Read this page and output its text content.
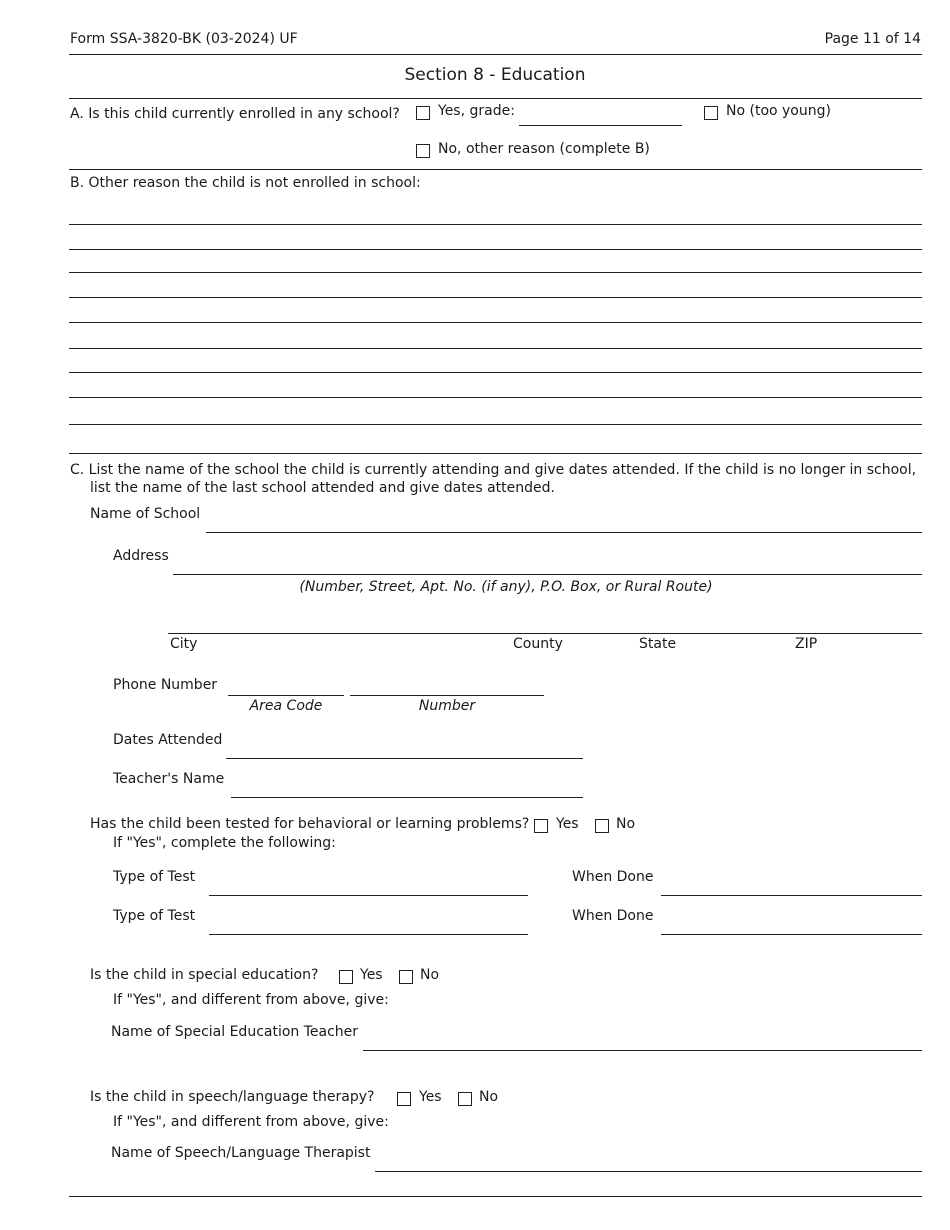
Form SSA-3820-BK (03-2024) UF	Page 11 of 14
Section 8 - Education
A. Is this child currently enrolled in any school?	Yes, grade:	No (too young)
No, other reason (complete B)
B. Other reason the child is not enrolled in school:
C. List the name of the school the child is currently attending and give dates attended. If the child is no longer in school,
list the name of the last school attended and give dates attended.
Name of School
Address
(Number, Street, Apt. No. (if any), P.O. Box, or Rural Route)
City	County	State	ZIP
Phone Number
Area Code	Number
Dates Attended
Teacher's Name
Has the child been tested for behavioral or learning problems? Yes	No
If "Yes", complete the following:
Type of Test	When Done
Type of Test	When Done
Is the child in special education?	Yes	No
If "Yes", and different from above, give:
Name of Special Education Teacher
Is the child in speech/language therapy?	Yes	No
If "Yes", and different from above, give:
Name of Speech/Language Therapist
